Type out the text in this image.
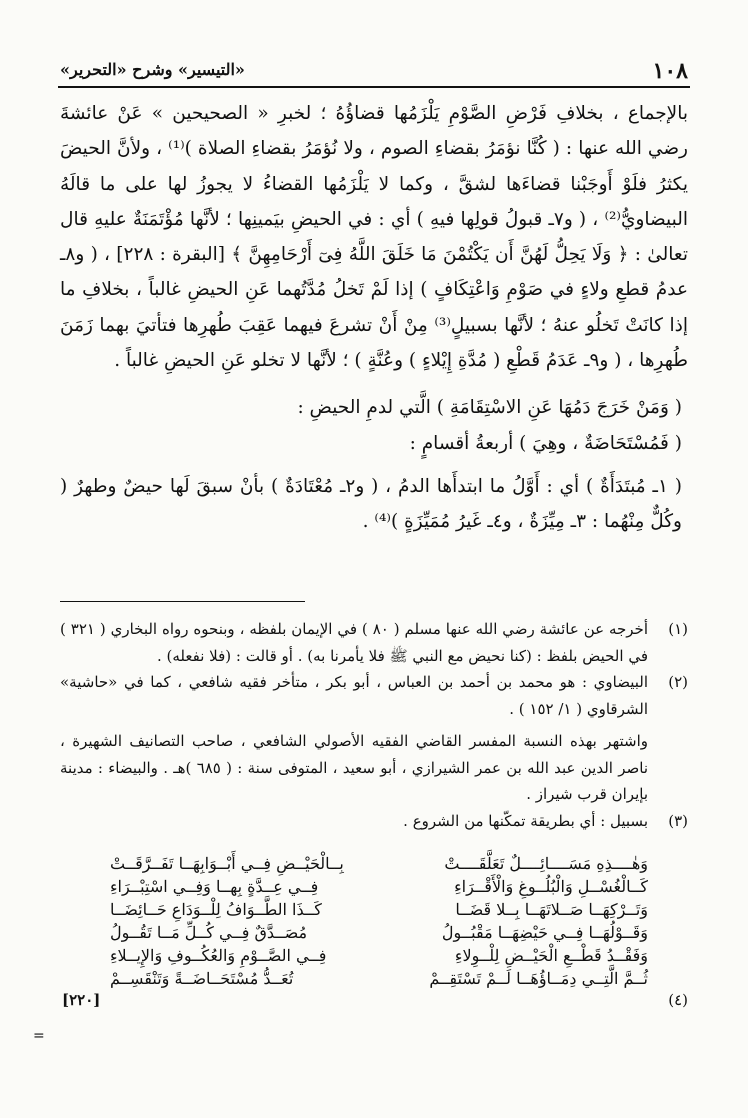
١٠٨
«التيسير» وشرح «التحرير»

بالإجماع ، بخلافِ فَرْضِ الصَّوْمِ يَلْزَمُها قضاؤُهُ ؛ لخبرِ « الصحيحين » عَنْ عائشةَ رضي الله عنها : ( كُنَّا نؤمَرُ بقضاءِ الصوم ، ولا نُؤمَرُ بقضاءِ الصلاة )⁽¹⁾ ، ولأنَّ الحيضَ يكثرُ فلَوْ أَوجَبْنا قضاءَها لشقَّ ، وكما لا يَلْزَمُها القضاءُ لا يجوزُ لها على ما قالَهُ البيضاويُّ⁽²⁾ ، ( و٧ـ قبولُ قولِها فيهِ ) أي : في الحيضِ بيَمينِها ؛ لأنَّها مُؤْتَمَنَةٌ عليهِ قال تعالىٰ : ﴿ وَلَا يَحِلُّ لَهُنَّ أَن يَكْتُمْنَ مَا خَلَقَ اللَّهُ فِىٓ أَرْحَامِهِنَّ ﴾ [البقرة : ٢٢٨] ، ( و٨ـ عدمُ قطعِ ولاءٍ في صَوْمِ وَاعْتِكَافٍ ) إذا لَمْ تَخلُ مُدَّتُهما عَنِ الحيضِ غالباً ، بخلافِ ما إذا كانَتْ تَخلُو عنهُ ؛ لأنَّها بسبيلٍ⁽³⁾ مِنْ أَنْ تشرعَ فيهما عَقِبَ طُهرِها فتأتيَ بهما زَمَنَ طُهرِها ، ( و٩ـ عَدَمُ قَطْعِ ( مُدَّةِ إِيْلاءٍ ) وعُنَّةٍ ) ؛ لأنَّها لا تخلو عَنِ الحيضِ غالباً .

( وَمَنْ خَرَجَ دَمُهَا عَنِ الاسْتِقَامَةِ ) الَّتي لدمِ الحيضِ :

( فَمُسْتَحَاضَةٌ ، وهِيَ ) أربعةُ أقسامٍ :

( ١ـ مُبتَدَأَةٌ ) أي : أَوَّلُ ما ابتدأَها الدمُ ، ( و٢ـ مُعْتَادَةٌ ) بأنْ سبقَ لَها حيضٌ وطهرٌ ( وكُلٌّ مِنْهُما : ٣ـ مِيِّزَةٌ ، و٤ـ غَيرُ مُمَيِّزَةٍ )⁽⁴⁾ .

(١)
أخرجه عن عائشة رضي الله عنها مسلم ( ٨٠ ) في الإيمان بلفظه ، وبنحوه رواه البخاري ( ٣٢١ ) في الحيض بلفظ : (كنا نحيض مع النبي ﷺ فلا يأمرنا به) . أو قالت : (فلا نفعله) .
(٢)
البيضاوي : هو محمد بن أحمد بن العباس ، أبو بكر ، متأخر فقيه شافعي ، كما في «حاشية» الشرقاوي ( ١/ ١٥٢ ) .
واشتهر بهذه النسبة المفسر القاضي الفقيه الأصولي الشافعي ، صاحب التصانيف الشهيرة ، ناصر الدين عبد الله بن عمر الشيرازي ، أبو سعيد ، المتوفى سنة : ( ٦٨٥ )هـ . والبيضاء : مدينة بإيران قرب شيراز .
(٣)
بسبيل : أي بطريقة تمكّنها من الشروع .
وَهٰــــذِهِ مَسَــــائِــــلٌ تَعَلَّقَــــتْ
بِــالْحَيْــضِ فِــي أَبْــوَابِهَــا تَفَــرَّقَــتْ
كَــالْغُسْــلِ وَالْبُلُــوغِ وَالْأَقْــرَاءِ
فِــي عِــدَّةٍ بِهــا وَفِــي اسْتِبْــرَاءِ
وَتَــرْكِهَــا صَــلاتَهَــا بِــلا قَضَــا
كَــذَا الطَّــوَافُ لِلْــوَدَاعِ حَــائِضَــا
وَقَــوْلُهَــا فِــي حَيْضِهَــا مَقْبُــولُ
مُصَــدَّقٌ فِــي كُــلِّ مَــا تَقُــولُ
وَفَقْــدُ قَطْــعِ الْحَيْــضِ لِلْــوِلاءِ
فِــي الصَّــوْمِ وَالعُكُــوفِ وَالإِيــلاءِ
ثُــمَّ الَّتِــي دِمَــاؤُهَــا لَــمْ تَسْتَقِــمْ
تُعَــدُّ مُسْتَحَــاضَــةً وَتَنْقَسِــمْ
(٤)
[٢٢٠]
=
